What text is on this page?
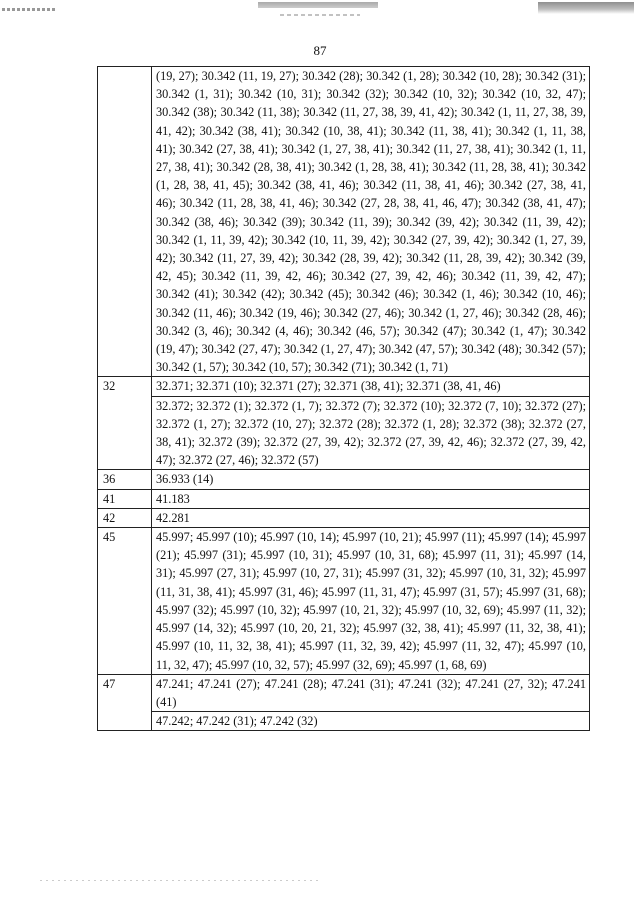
87
	(19, 27); 30.342 (11, 19, 27); 30.342 (28); 30.342 (1, 28); 30.342 (10, 28); 30.342 (31); 30.342 (1, 31); 30.342 (10, 31); 30.342 (32); 30.342 (10, 32); 30.342 (10, 32, 47); 30.342 (38); 30.342 (11, 38); 30.342 (11, 27, 38, 39, 41, 42); 30.342 (1, 11, 27, 38, 39, 41, 42); 30.342 (38, 41); 30.342 (10, 38, 41); 30.342 (11, 38, 41); 30.342 (1, 11, 38, 41); 30.342 (27, 38, 41); 30.342 (1, 27, 38, 41); 30.342 (11, 27, 38, 41); 30.342 (1, 11, 27, 38, 41); 30.342 (28, 38, 41); 30.342 (1, 28, 38, 41); 30.342 (11, 28, 38, 41); 30.342 (1, 28, 38, 41, 45); 30.342 (38, 41, 46); 30.342 (11, 38, 41, 46); 30.342 (27, 38, 41, 46); 30.342 (11, 28, 38, 41, 46); 30.342 (27, 28, 38, 41, 46, 47); 30.342 (38, 41, 47); 30.342 (38, 46); 30.342 (39); 30.342 (11, 39); 30.342 (39, 42); 30.342 (11, 39, 42); 30.342 (1, 11, 39, 42); 30.342 (10, 11, 39, 42); 30.342 (27, 39, 42); 30.342 (1, 27, 39, 42); 30.342 (11, 27, 39, 42); 30.342 (28, 39, 42); 30.342 (11, 28, 39, 42); 30.342 (39, 42, 45); 30.342 (11, 39, 42, 46); 30.342 (27, 39, 42, 46); 30.342 (11, 39, 42, 47); 30.342 (41); 30.342 (42); 30.342 (45); 30.342 (46); 30.342 (1, 46); 30.342 (10, 46); 30.342 (11, 46); 30.342 (19, 46); 30.342 (27, 46); 30.342 (1, 27, 46); 30.342 (28, 46); 30.342 (3, 46); 30.342 (4, 46); 30.342 (46, 57); 30.342 (47); 30.342 (1, 47); 30.342 (19, 47); 30.342 (27, 47); 30.342 (1, 27, 47); 30.342 (47, 57); 30.342 (48); 30.342 (57); 30.342 (1, 57); 30.342 (10, 57); 30.342 (71); 30.342 (1, 71)
32	32.371; 32.371 (10); 32.371 (27); 32.371 (38, 41); 32.371 (38, 41, 46)
	32.372; 32.372 (1); 32.372 (1, 7); 32.372 (7); 32.372 (10); 32.372 (7, 10); 32.372 (27); 32.372 (1, 27); 32.372 (10, 27); 32.372 (28); 32.372 (1, 28); 32.372 (38); 32.372 (27, 38, 41); 32.372 (39); 32.372 (27, 39, 42); 32.372 (27, 39, 42, 46); 32.372 (27, 39, 42, 47); 32.372 (27, 46); 32.372 (57)
36	36.933 (14)
41	41.183
42	42.281
45	45.997; 45.997 (10); 45.997 (10, 14); 45.997 (10, 21); 45.997 (11); 45.997 (14); 45.997 (21); 45.997 (31); 45.997 (10, 31); 45.997 (10, 31, 68); 45.997 (11, 31); 45.997 (14, 31); 45.997 (27, 31); 45.997 (10, 27, 31); 45.997 (31, 32); 45.997 (10, 31, 32); 45.997 (11, 31, 38, 41); 45.997 (31, 46); 45.997 (11, 31, 47); 45.997 (31, 57); 45.997 (31, 68); 45.997 (32); 45.997 (10, 32); 45.997 (10, 21, 32); 45.997 (10, 32, 69); 45.997 (11, 32); 45.997 (14, 32); 45.997 (10, 20, 21, 32); 45.997 (32, 38, 41); 45.997 (11, 32, 38, 41); 45.997 (10, 11, 32, 38, 41); 45.997 (11, 32, 39, 42); 45.997 (11, 32, 47); 45.997 (10, 11, 32, 47); 45.997 (10, 32, 57); 45.997 (32, 69); 45.997 (1, 68, 69)
47	47.241; 47.241 (27); 47.241 (28); 47.241 (31); 47.241 (32); 47.241 (27, 32); 47.241 (41)
	47.242; 47.242 (31); 47.242 (32)
